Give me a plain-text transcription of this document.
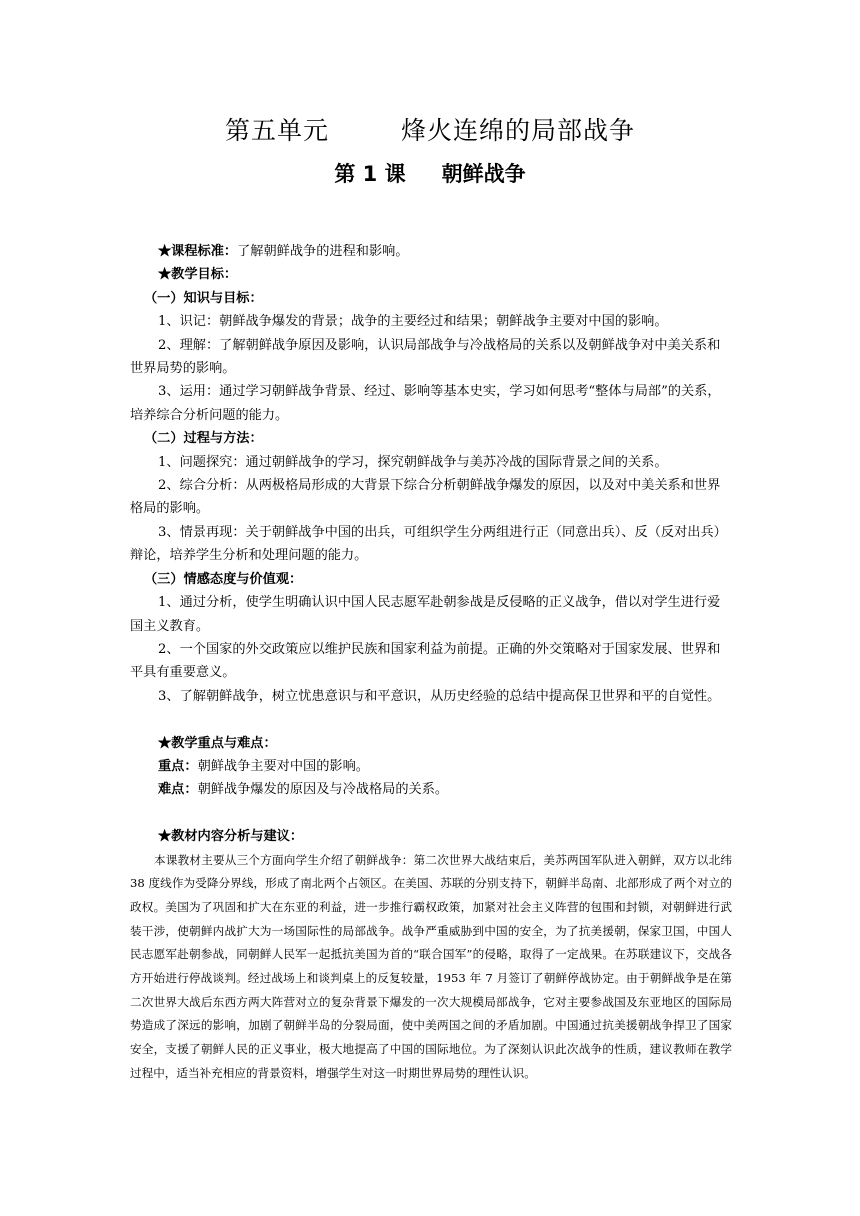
第五单元	烽火连绵的局部战争
第 1 课 朝鲜战争

★课程标准：了解朝鲜战争的进程和影响。

★教学目标：

（一）知识与目标：

1、识记：朝鲜战争爆发的背景；战争的主要经过和结果；朝鲜战争主要对中国的影响。

2、理解：了解朝鲜战争原因及影响，认识局部战争与冷战格局的关系以及朝鲜战争对中美关系和世界局势的影响。

3、运用：通过学习朝鲜战争背景、经过、影响等基本史实，学习如何思考“整体与局部”的关系，培养综合分析问题的能力。

（二）过程与方法：

1、问题探究：通过朝鲜战争的学习，探究朝鲜战争与美苏冷战的国际背景之间的关系。

2、综合分析：从两极格局形成的大背景下综合分析朝鲜战争爆发的原因，以及对中美关系和世界格局的影响。

3、情景再现：关于朝鲜战争中国的出兵，可组织学生分两组进行正（同意出兵）、反（反对出兵）辩论，培养学生分析和处理问题的能力。

（三）情感态度与价值观：

1、通过分析，使学生明确认识中国人民志愿军赴朝参战是反侵略的正义战争，借以对学生进行爱国主义教育。

2、一个国家的外交政策应以维护民族和国家利益为前提。正确的外交策略对于国家发展、世界和平具有重要意义。

3、了解朝鲜战争，树立忧患意识与和平意识，从历史经验的总结中提高保卫世界和平的自觉性。

★教学重点与难点：

重点：朝鲜战争主要对中国的影响。

难点：朝鲜战争爆发的原因及与冷战格局的关系。

★教材内容分析与建议：

本课教材主要从三个方面向学生介绍了朝鲜战争：第二次世界大战结束后，美苏两国军队进入朝鲜，双方以北纬 38 度线作为受降分界线，形成了南北两个占领区。在美国、苏联的分别支持下，朝鲜半岛南、北部形成了两个对立的政权。美国为了巩固和扩大在东亚的利益，进一步推行霸权政策，加紧对社会主义阵营的包围和封锁，对朝鲜进行武装干涉，使朝鲜内战扩大为一场国际性的局部战争。战争严重威胁到中国的安全，为了抗美援朝，保家卫国，中国人民志愿军赴朝参战，同朝鲜人民军一起抵抗美国为首的“联合国军”的侵略，取得了一定战果。在苏联建议下，交战各方开始进行停战谈判。经过战场上和谈判桌上的反复较量，1953 年 7 月签订了朝鲜停战协定。由于朝鲜战争是在第二次世界大战后东西方两大阵营对立的复杂背景下爆发的一次大规模局部战争，它对主要参战国及东亚地区的国际局势造成了深远的影响，加剧了朝鲜半岛的分裂局面，使中美两国之间的矛盾加剧。中国通过抗美援朝战争捍卫了国家安全，支援了朝鲜人民的正义事业，极大地提高了中国的国际地位。为了深刻认识此次战争的性质，建议教师在教学过程中，适当补充相应的背景资料，增强学生对这一时期世界局势的理性认识。
